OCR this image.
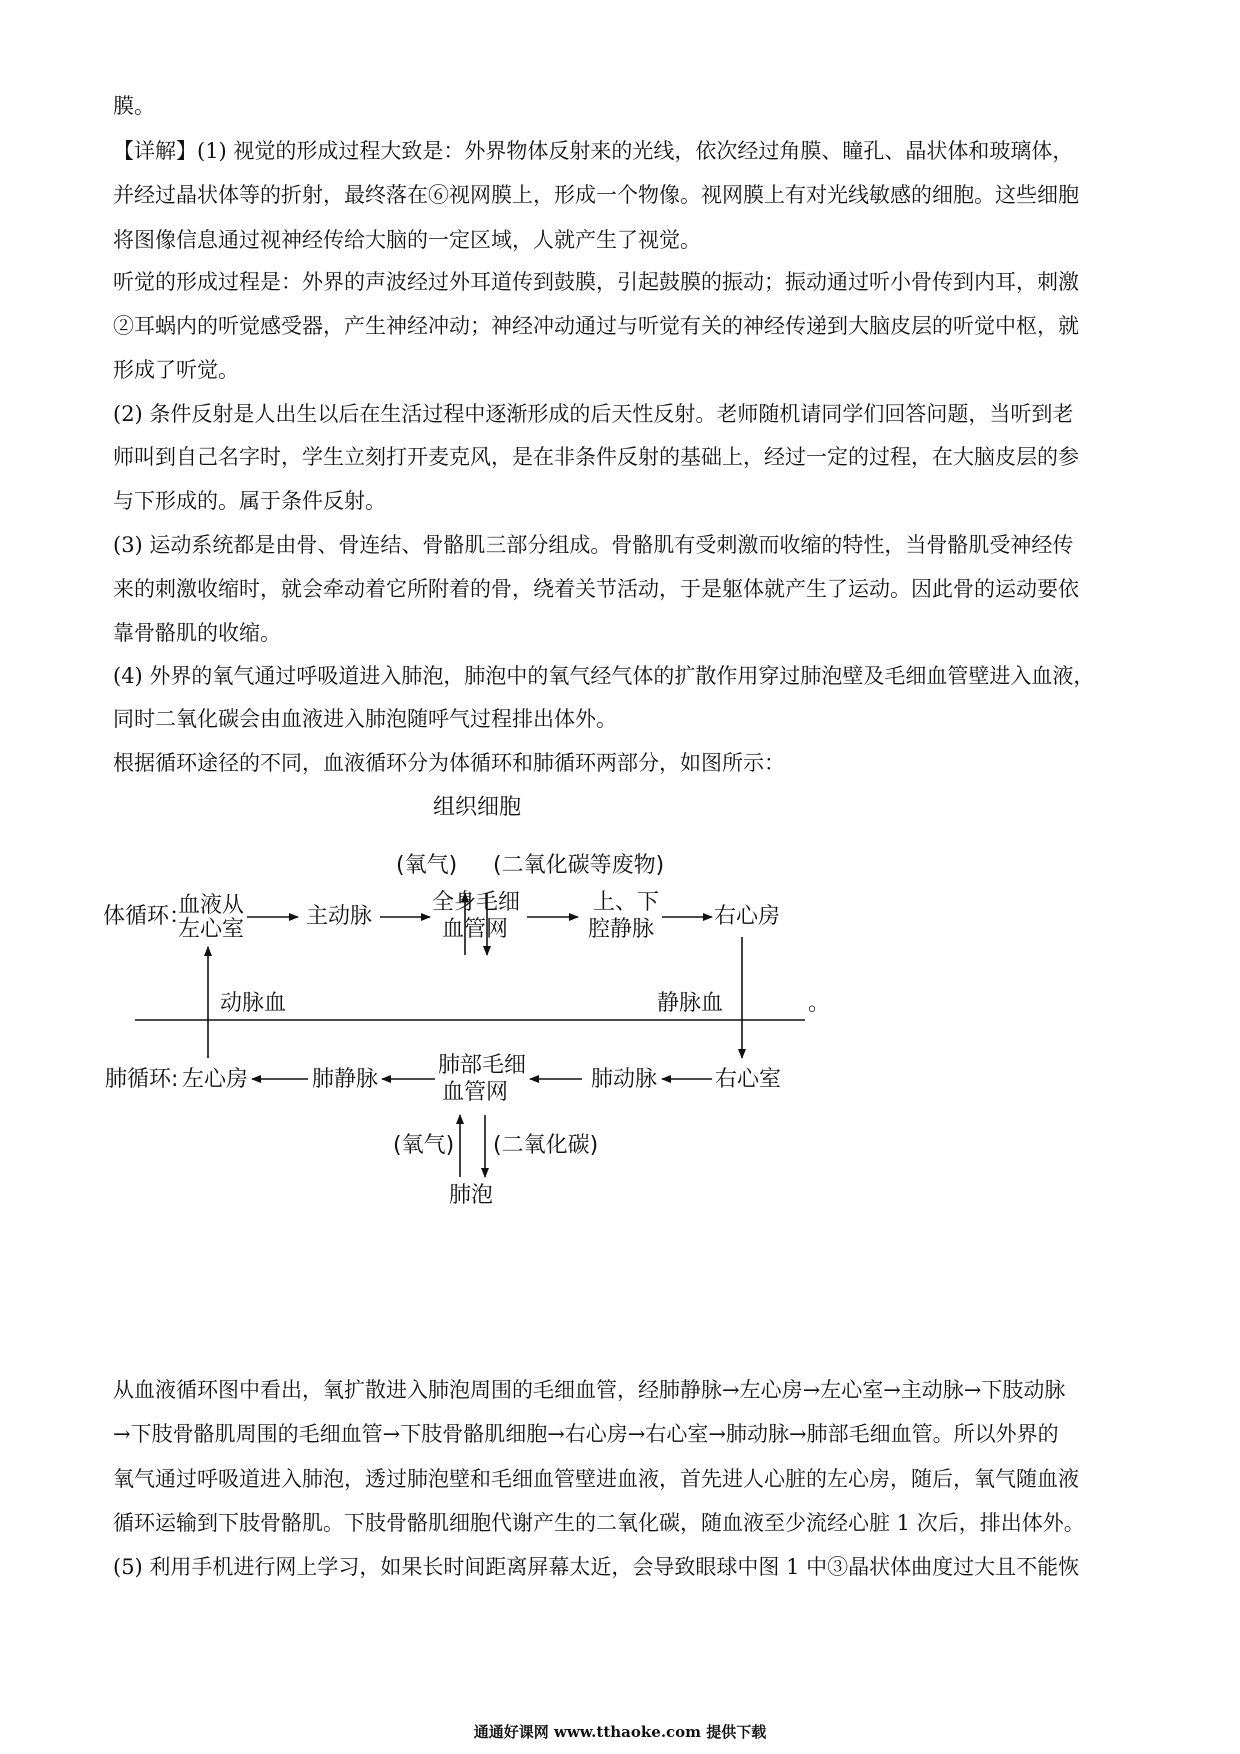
膜。
【详解】(1) 视觉的形成过程大致是：外界物体反射来的光线，依次经过角膜、瞳孔、晶状体和玻璃体，
并经过晶状体等的折射，最终落在⑥视网膜上，形成一个物像。视网膜上有对光线敏感的细胞。这些细胞
将图像信息通过视神经传给大脑的一定区域，人就产生了视觉。
听觉的形成过程是：外界的声波经过外耳道传到鼓膜，引起鼓膜的振动；振动通过听小骨传到内耳，刺激
②耳蜗内的听觉感受器，产生神经冲动；神经冲动通过与听觉有关的神经传递到大脑皮层的听觉中枢，就
形成了听觉。
(2) 条件反射是人出生以后在生活过程中逐渐形成的后天性反射。老师随机请同学们回答问题，当听到老
师叫到自己名字时，学生立刻打开麦克风，是在非条件反射的基础上，经过一定的过程，在大脑皮层的参
与下形成的。属于条件反射。
(3) 运动系统都是由骨、骨连结、骨骼肌三部分组成。骨骼肌有受刺激而收缩的特性，当骨骼肌受神经传
来的刺激收缩时，就会牵动着它所附着的骨，绕着关节活动，于是躯体就产生了运动。因此骨的运动要依
靠骨骼肌的收缩。
(4) 外界的氧气通过呼吸道进入肺泡，肺泡中的氧气经气体的扩散作用穿过肺泡壁及毛细血管壁进入血液，
同时二氧化碳会由血液进入肺泡随呼气过程排出体外。
根据循环途径的不同，血液循环分为体循环和肺循环两部分，如图所示：
组织细胞
(氧气) (二氧化碳等废物)
体循环：
血液从
左心室
主动脉
全身毛细
血管网
上、下
腔静脉
右心房
动脉血	静脉血	。
肺循环: 左心房	肺静脉
肺部毛细
血管网
肺动脉	右心室
(氧气) (二氧化碳)
肺泡
从血液循环图中看出，氧扩散进入肺泡周围的毛细血管，经肺静脉→左心房→左心室→主动脉→下肢动脉
→下肢骨骼肌周围的毛细血管→下肢骨骼肌细胞→右心房→右心室→肺动脉→肺部毛细血管。所以外界的
氧气通过呼吸道进入肺泡，透过肺泡壁和毛细血管壁进血液，首先进人心脏的左心房，随后，氧气随血液
循环运输到下肢骨骼肌。下肢骨骼肌细胞代谢产生的二氧化碳，随血液至少流经心脏 1 次后，排出体外。
(5) 利用手机进行网上学习，如果长时间距离屏幕太近，会导致眼球中图 1 中③晶状体曲度过大且不能恢
通通好课网 www.tthaoke.com 提供下载
